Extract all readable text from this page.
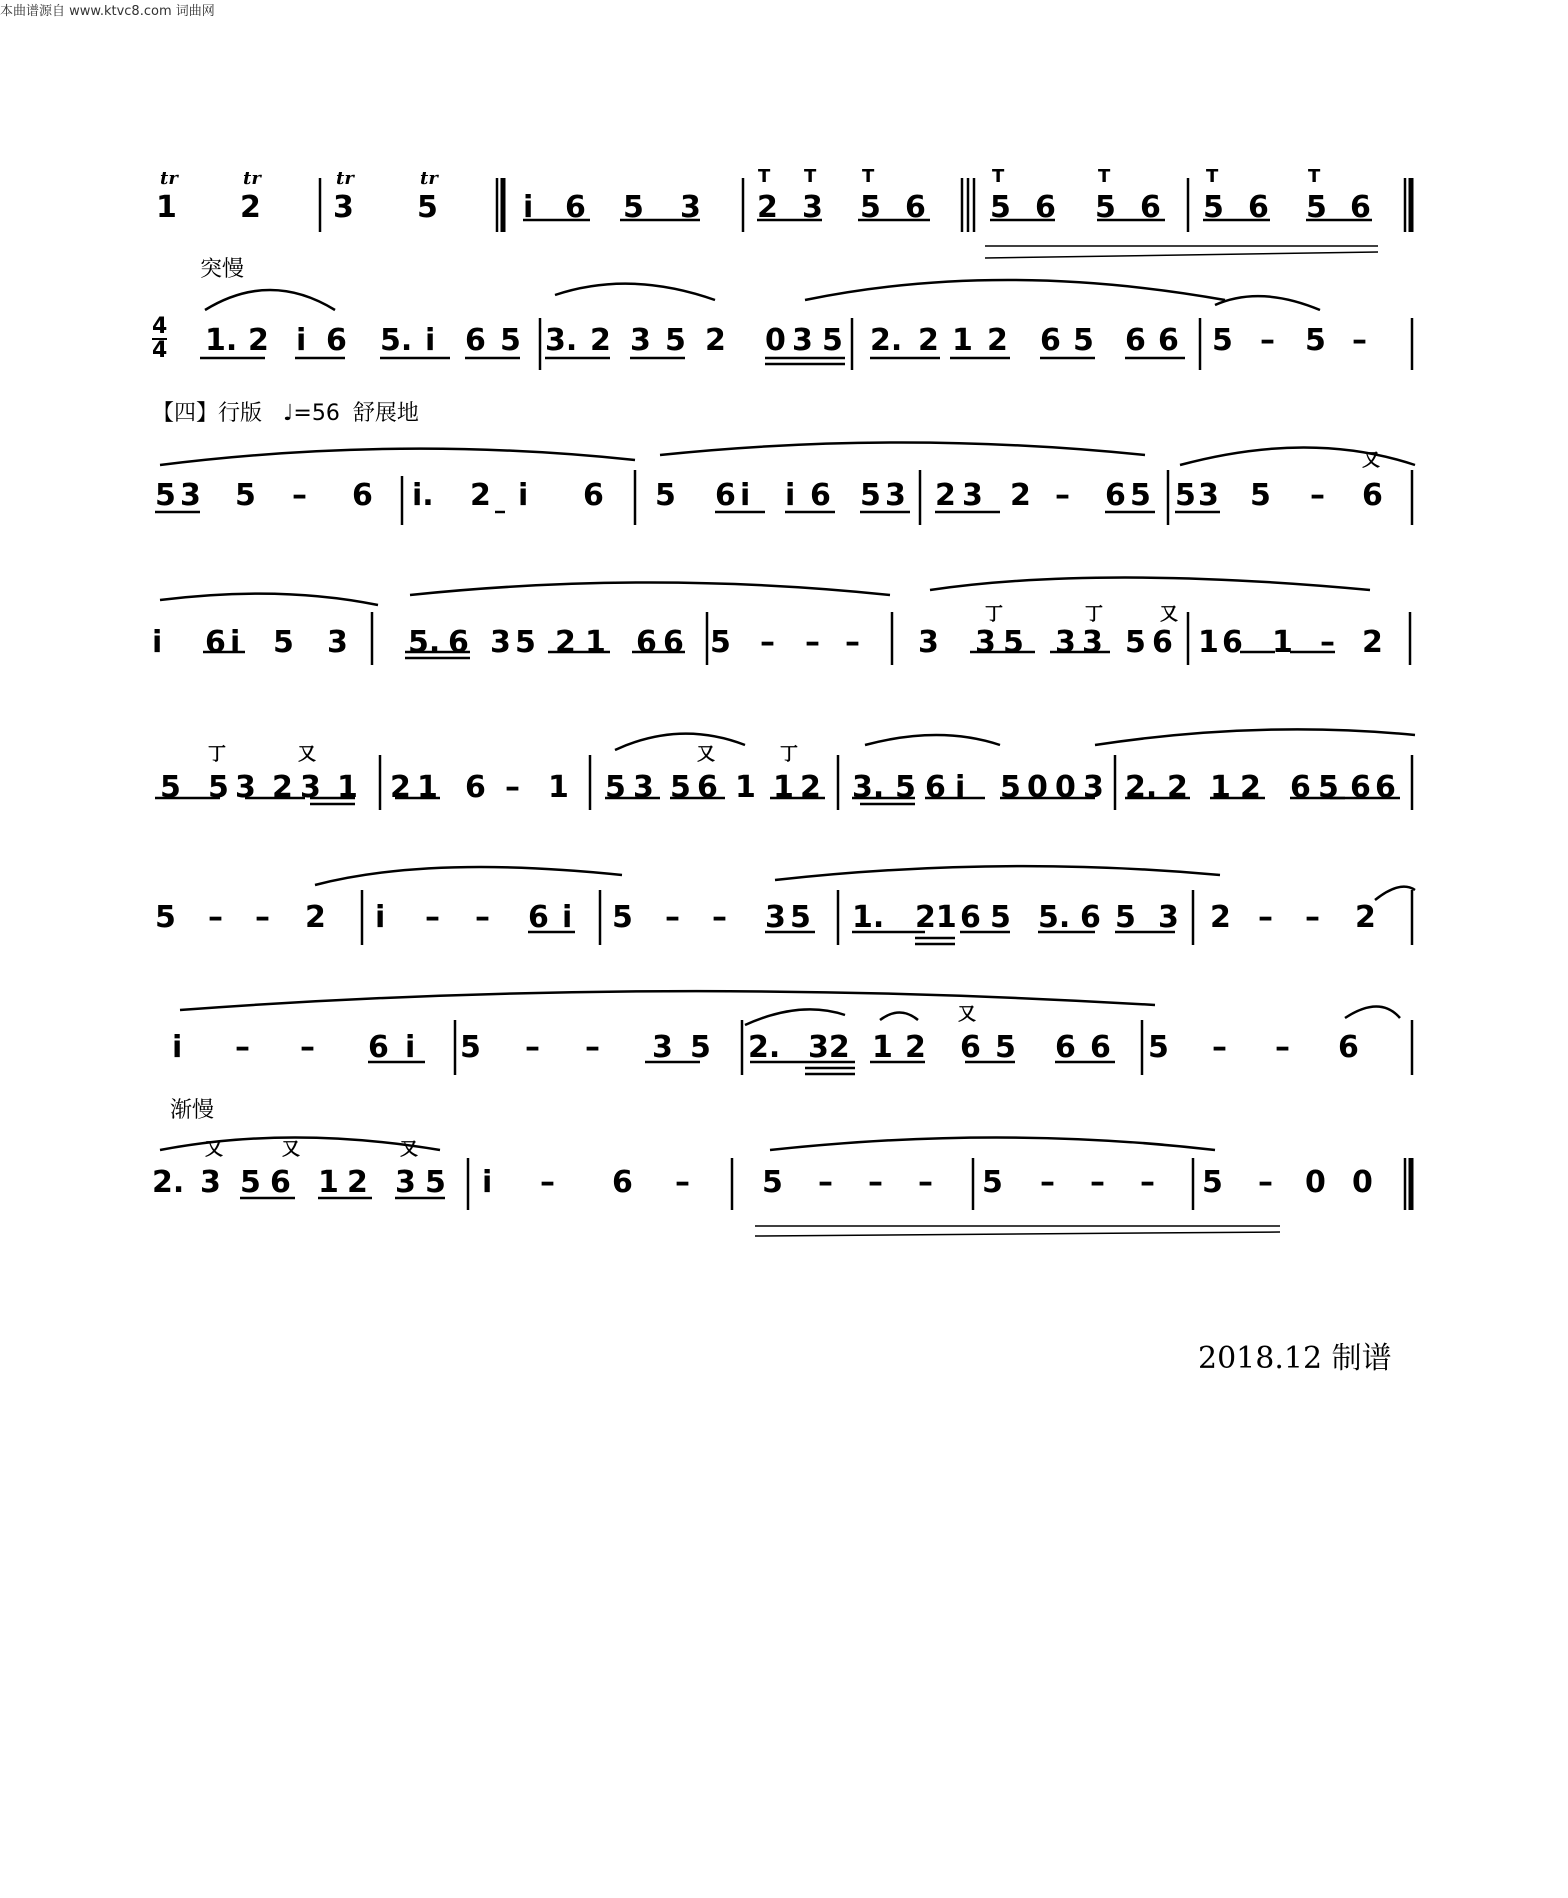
本曲谱源自 www.ktvc8.com 词曲网
tr	tr	tr	tr	T T	T	T	T	T	T
1 2 3 5	i 6 5 3 2 3 5 6 5 6 5 6 5 6 5 6
突慢
4
4 1. 2 i 6 5. i 6 5 3. 2 3 5 2 0 3 5 2. 2 1 2 6 5 6 6 5 – 5 –
【四】行版 ♩=56 舒展地
又
5 3 5 – 6 i. 2 i 6 5 6 i i 6 5 3 2 3 2 – 6 5 5 3 5 – 6
丁	丁	又
i 6 i 5 3 5. 6 3 5 2 1 6 6 5 – – – 3 3 5 3 3 5 6 1 6 1 – 2
丁	又	又	丁
5 5 3 2 3 1 2 1 6 – 1 5 3 5 6 1 1 2 3. 5 6 i 5 0 0 3 2. 2 1 2 6 5 6 6
5 – – 2 i – – 6 i 5 – – 3 5 1. 21 6 5 5. 6 5 3 2 – – 2
又
i – – 6 i 5 – – 3 5 2. 32 1 2 6 5 6 6 5 – – 6
渐慢
又	又	又
2. 3 5 6 1 2 3 5 i – 6 – 5 – – – 5 – – – 5 – 0 0
2018.12 制谱
